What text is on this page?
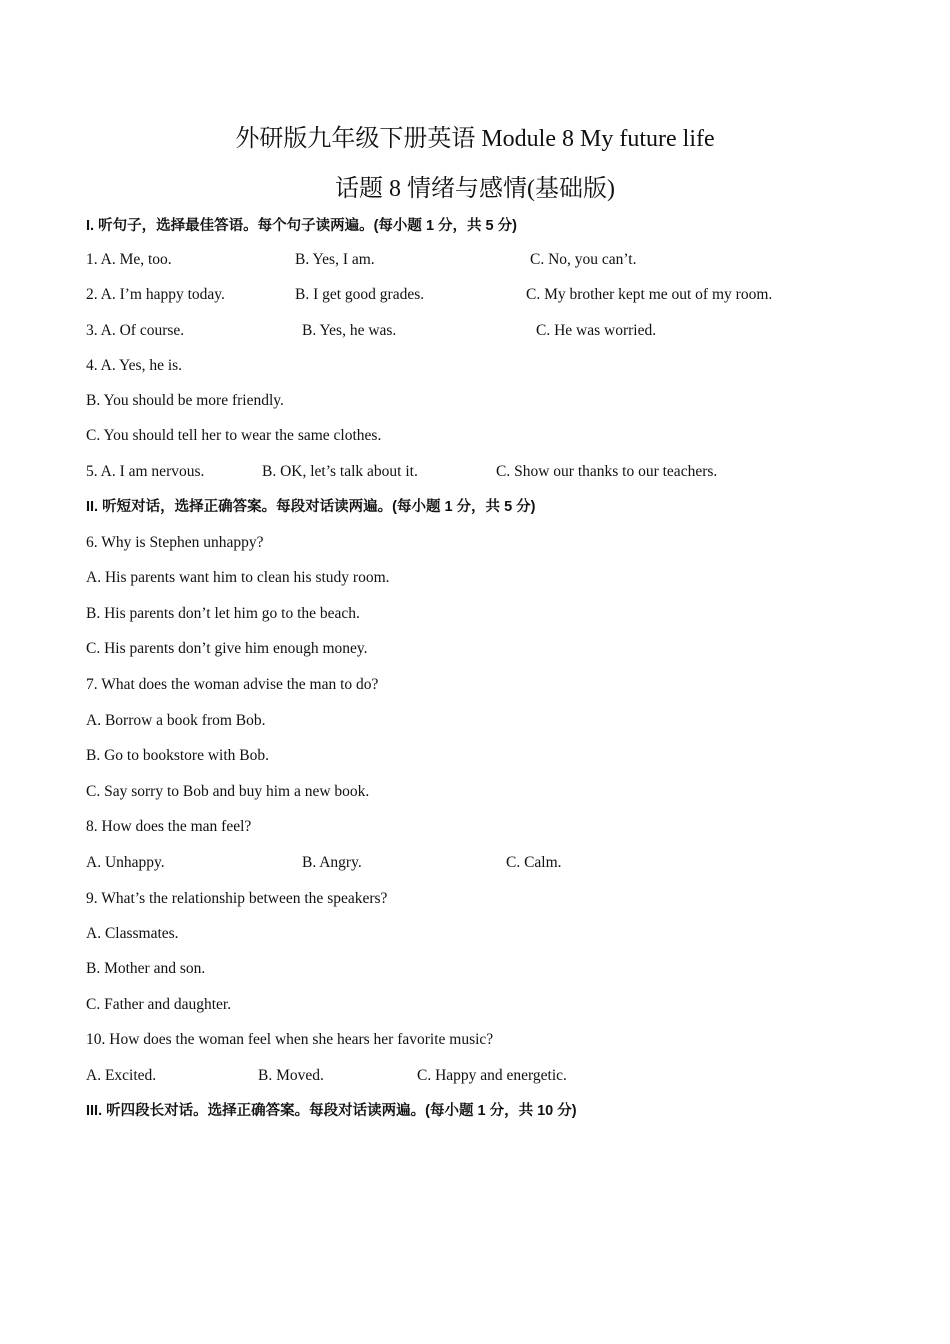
外研版九年级下册英语 Module 8 My future life
话题 8 情绪与感情(基础版)
I. 听句子，选择最佳答语。每个句子读两遍。(每小题 1 分，共 5 分)
1. A. Me, too.	B. Yes, I am.	C. No, you can’t.
2. A. I’m happy today.	B. I get good grades.	C. My brother kept me out of my room.
3. A. Of course.	B. Yes, he was.	C. He was worried.
4. A. Yes, he is.
B. You should be more friendly.
C. You should tell her to wear the same clothes.
5. A. I am nervous.	B. OK, let’s talk about it.	C. Show our thanks to our teachers.
II. 听短对话，选择正确答案。每段对话读两遍。(每小题 1 分，共 5 分)
6. Why is Stephen unhappy?
A. His parents want him to clean his study room.
B. His parents don’t let him go to the beach.
C. His parents don’t give him enough money.
7. What does the woman advise the man to do?
A. Borrow a book from Bob.
B. Go to bookstore with Bob.
C. Say sorry to Bob and buy him a new book.
8. How does the man feel?
A. Unhappy.	B. Angry.	C. Calm.
9. What’s the relationship between the speakers?
A. Classmates.
B. Mother and son.
C. Father and daughter.
10. How does the woman feel when she hears her favorite music?
A. Excited.	B. Moved.	C. Happy and energetic.
III. 听四段长对话。选择正确答案。每段对话读两遍。(每小题 1 分，共 10 分)
